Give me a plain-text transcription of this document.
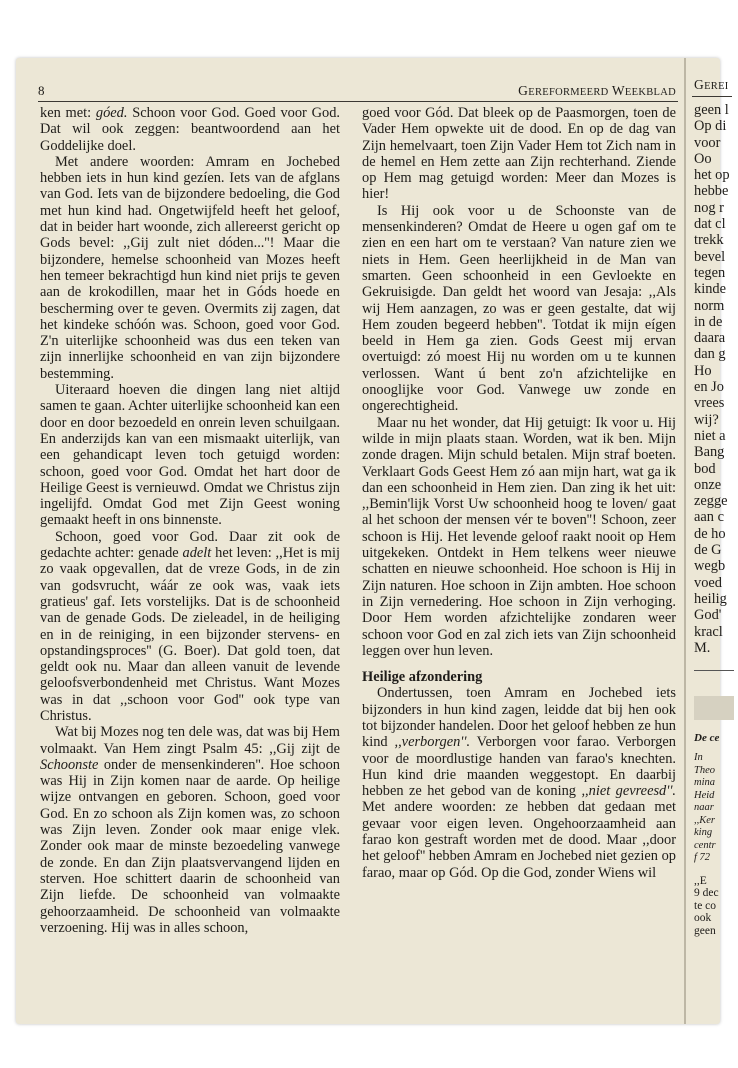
8	GEREFORMEERD WEEKBLAD
GEREI

ken met: góed. Schoon voor God. Goed voor God. Dat wil ook zeggen: beantwoordend aan het Goddelijke doel.

Met andere woorden: Amram en Jochebed hebben iets in hun kind gezíen. Iets van de afglans van God. Iets van de bijzondere bedoeling, die God met hun kind had. Ongetwijfeld heeft het geloof, dat in beider hart woonde, zich allereerst gericht op Gods bevel: ,,Gij zult niet dóden...''! Maar die bijzondere, hemelse schoonheid van Mozes heeft hen temeer bekrachtigd hun kind niet prijs te geven aan de krokodillen, maar het in Góds hoede en bescherming over te geven. Overmits zij zagen, dat het kindeke schóón was. Schoon, goed voor God. Z'n uiterlijke schoonheid was dus een teken van zijn innerlijke schoonheid en van zijn bijzondere bestemming.

Uiteraard hoeven die dingen lang niet altijd samen te gaan. Achter uiterlijke schoonheid kan een door en door bezoedeld en onrein leven schuilgaan. En anderzijds kan van een mismaakt uiterlijk, van een gehandicapt leven toch getuigd worden: schoon, goed voor God. Omdat het hart door de Heilige Geest is vernieuwd. Omdat we Christus zijn ingelijfd. Omdat God met Zijn Geest woning gemaakt heeft in ons binnenste.

Schoon, goed voor God. Daar zit ook de gedachte achter: genade adelt het leven: ,,Het is mij zo vaak opgevallen, dat de vreze Gods, in de zin van godsvrucht, wáár ze ook was, vaak iets gratieus' gaf. Iets vorstelijks. Dat is de schoonheid van de genade Gods. De zieleadel, in de heiliging en in de reiniging, in een bijzonder stervens- en opstandingsproces'' (G. Boer). Dat gold toen, dat geldt ook nu. Maar dan alleen vanuit de levende geloofsverbondenheid met Christus. Want Mozes was in dat ,,schoon voor God'' ook type van Christus.

Wat bij Mozes nog ten dele was, dat was bij Hem volmaakt. Van Hem zingt Psalm 45: ,,Gij zijt de Schoonste onder de mensenkinderen''. Hoe schoon was Hij in Zijn komen naar de aarde. Op heilige wijze ontvangen en geboren. Schoon, goed voor God. En zo schoon als Zijn komen was, zo schoon was Zijn leven. Zonder ook maar enige vlek. Zonder ook maar de minste bezoedeling vanwege de zonde. En dan Zijn plaatsvervangend lijden en sterven. Hoe schittert daarin de schoonheid van Zijn liefde. De schoonheid van volmaakte gehoorzaamheid. De schoonheid van volmaakte verzoening. Hij was in alles schoon,

goed voor Gód. Dat bleek op de Paasmorgen, toen de Vader Hem opwekte uit de dood. En op de dag van Zijn hemelvaart, toen Zijn Vader Hem tot Zich nam in de hemel en Hem zette aan Zijn rechterhand. Ziende op Hem mag getuigd worden: Meer dan Mozes is hier!

Is Hij ook voor u de Schoonste van de mensenkinderen? Omdat de Heere u ogen gaf om te zien en een hart om te verstaan? Van nature zien we niets in Hem. Geen heerlijkheid in de Man van smarten. Geen schoonheid in een Gevloekte en Gekruisigde. Dan geldt het woord van Jesaja: ,,Als wij Hem aanzagen, zo was er geen gestalte, dat wij Hem zouden begeerd hebben''. Totdat ik mijn eígen beeld in Hem ga zien. Gods Geest mij ervan overtuigd: zó moest Hij nu worden om u te kunnen verlossen. Want ú bent zo'n afzichtelijke en onooglijke voor God. Vanwege uw zonde en ongerechtigheid.

Maar nu het wonder, dat Hij getuigt: Ik voor u. Hij wilde in mijn plaats staan. Worden, wat ik ben. Mijn zonde dragen. Mijn schuld betalen. Mijn straf boeten. Verklaart Gods Geest Hem zó aan mijn hart, wat ga ik dan een schoonheid in Hem zien. Dan zing ik het uit: ,,Bemin'lijk Vorst Uw schoonheid hoog te loven/ gaat al het schoon der mensen vér te boven''! Schoon, zeer schoon is Hij. Het levende geloof raakt nooit op Hem uitgekeken. Ontdekt in Hem telkens weer nieuwe schatten en nieuwe schoonheid. Hoe schoon is Hij in Zijn naturen. Hoe schoon in Zijn ambten. Hoe schoon in Zijn vernedering. Hoe schoon in Zijn verhoging. Door Hem worden afzichtelijke zondaren weer schoon voor God en zal zich iets van Zijn schoonheid leggen over hun leven.

Heilige afzondering

Ondertussen, toen Amram en Jochebed iets bijzonders in hun kind zagen, leidde dat bij hen ook tot bijzonder handelen. Door het geloof hebben ze hun kind ,,verborgen''. Verborgen voor farao. Verborgen voor de moordlustige handen van farao's knechten. Hun kind drie maanden weggestopt. En daarbij hebben ze het gebod van de koning ,,niet gevreesd''. Met andere woorden: ze hebben dat gedaan met gevaar voor eigen leven. Ongehoorzaamheid aan farao kon gestraft worden met de dood. Maar ,,door het geloof'' hebben Amram en Jochebed niet gezien op farao, maar op Gód. Op die God, zonder Wiens wil

geen l
Op di
voor
Oo
het op
hebbe
nog r
dat cl
trekk
bevel
tegen
kinde
norm
in de
daara
dan g
Ho
en Jo
vrees
wij?
niet a
Bang
bod
onze
zegge
aan c
de ho
de G
wegb
voed
heilig
God'
kracl
M.
De ce
In
Theo
mina
Heid
naar
,,Ker
king
centr
f 72
,,E
9 dec
te co
ook
geen
